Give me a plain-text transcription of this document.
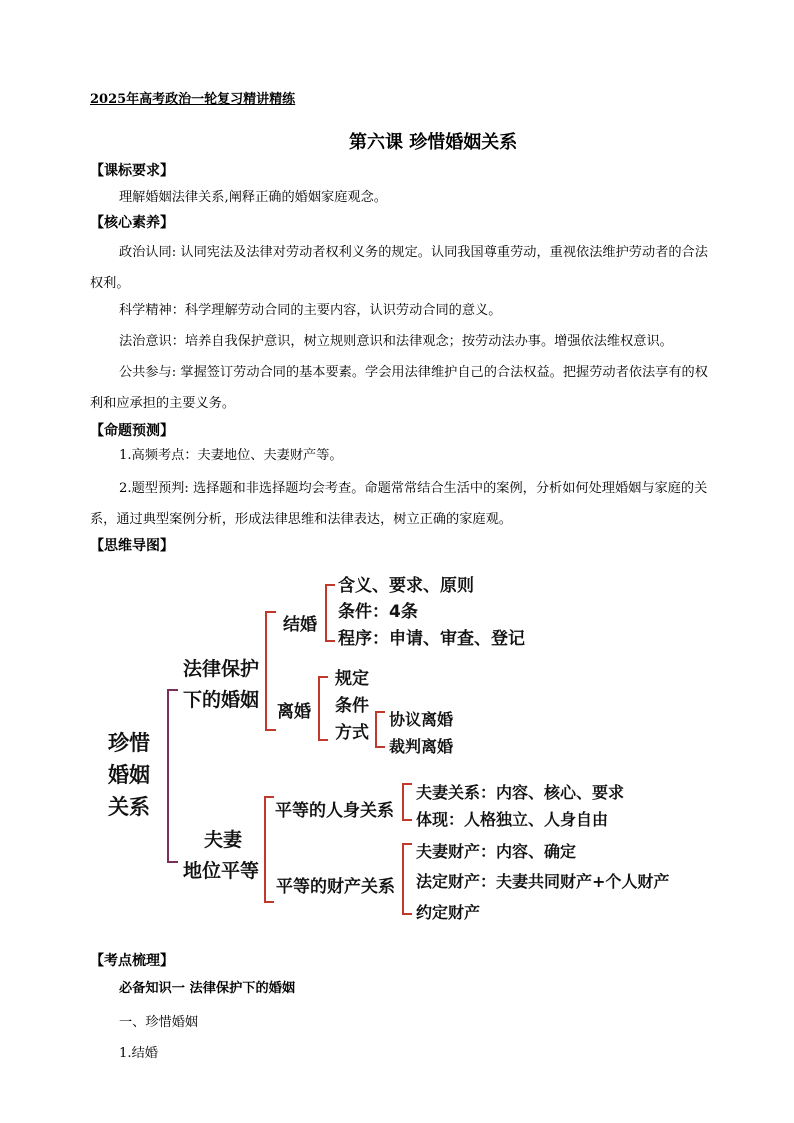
2025年高考政治一轮复习精讲精练
第六课 珍惜婚姻关系
【课标要求】
理解婚姻法律关系,阐释正确的婚姻家庭观念。
【核心素养】
政治认同: 认同宪法及法律对劳动者权利义务的规定。认同我国尊重劳动，重视依法维护劳动者的合法权利。
科学精神：科学理解劳动合同的主要内容，认识劳动合同的意义。
法治意识：培养自我保护意识，树立规则意识和法律观念；按劳动法办事。增强依法维权意识。
公共参与: 掌握签订劳动合同的基本要素。学会用法律维护自己的合法权益。把握劳动者依法享有的权利和应承担的主要义务。
【命题预测】
1.高频考点：夫妻地位、夫妻财产等。
2.题型预判: 选择题和非选择题均会考查。命题常常结合生活中的案例，分析如何处理婚姻与家庭的关系，通过典型案例分析，形成法律思维和法律表达，树立正确的家庭观。
【思维导图】
珍惜
婚姻
关系
法律保护
下的婚姻
结婚
含义、要求、原则
条件：4条
程序：申请、审查、登记
离婚
规定
条件
方式
协议离婚
裁判离婚
夫妻
地位平等
平等的人身关系
夫妻关系：内容、核心、要求
体现：人格独立、人身自由
平等的财产关系
夫妻财产：内容、确定
法定财产：夫妻共同财产+个人财产
约定财产
【考点梳理】
必备知识一 法律保护下的婚姻
一、珍惜婚姻
1.结婚
